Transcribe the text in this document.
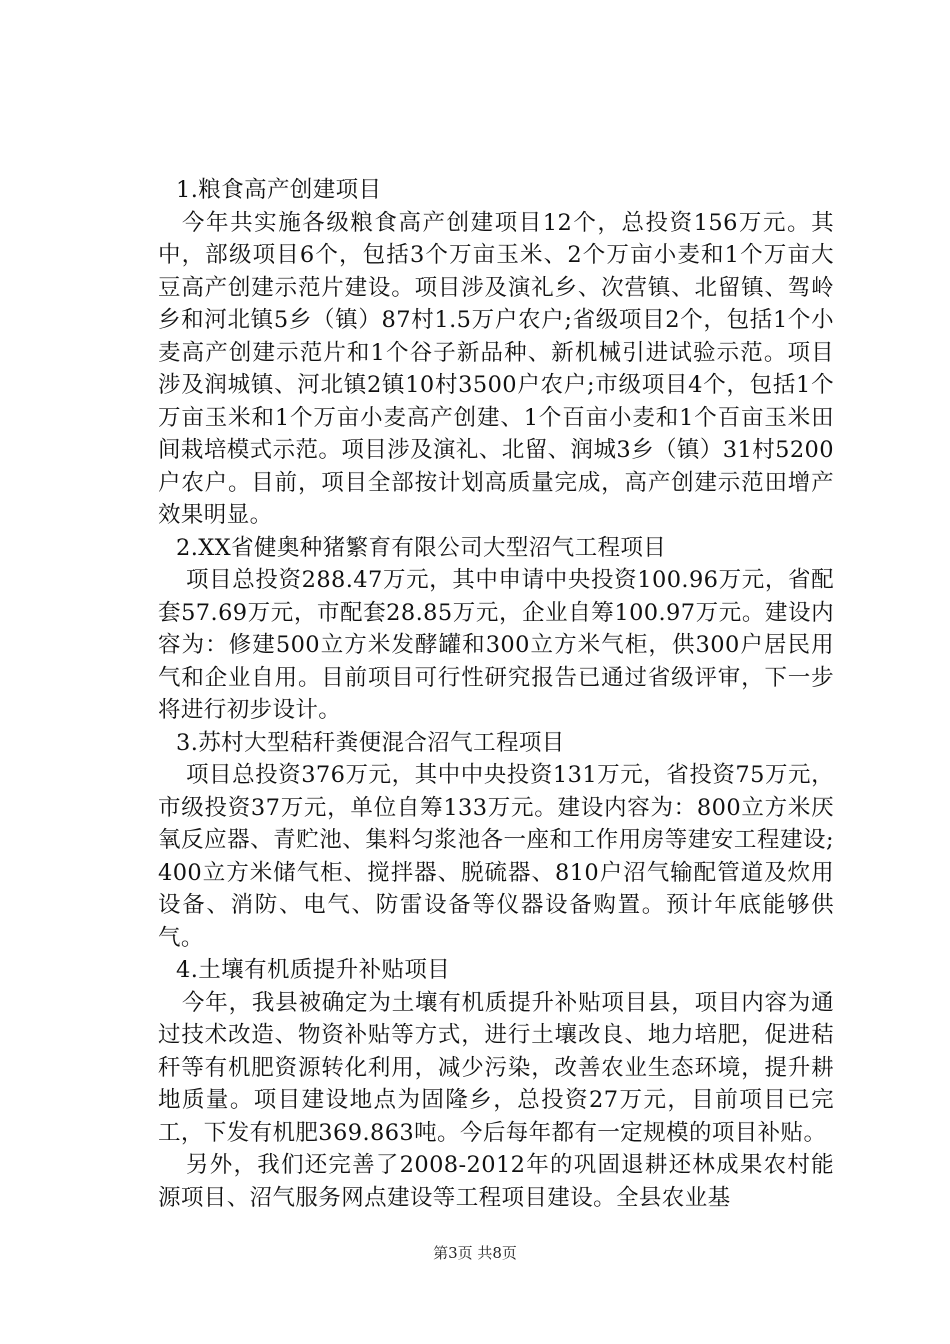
1.粮食高产创建项目

今年共实施各级粮食高产创建项目12个，总投资156万元。其中，部级项目6个，包括3个万亩玉米、2个万亩小麦和1个万亩大豆高产创建示范片建设。项目涉及演礼乡、次营镇、北留镇、驾岭乡和河北镇5乡（镇）87村1.5万户农户;省级项目2个，包括1个小麦高产创建示范片和1个谷子新品种、新机械引进试验示范。项目涉及润城镇、河北镇2镇10村3500户农户;市级项目4个，包括1个万亩玉米和1个万亩小麦高产创建、1个百亩小麦和1个百亩玉米田间栽培模式示范。项目涉及演礼、北留、润城3乡（镇）31村5200户农户。目前，项目全部按计划高质量完成，高产创建示范田增产效果明显。

2.XX省健奥种猪繁育有限公司大型沼气工程项目

项目总投资288.47万元，其中申请中央投资100.96万元，省配套57.69万元，市配套28.85万元，企业自筹100.97万元。建设内容为：修建500立方米发酵罐和300立方米气柜，供300户居民用气和企业自用。目前项目可行性研究报告已通过省级评审，下一步将进行初步设计。

3.苏村大型秸秆粪便混合沼气工程项目

项目总投资376万元，其中中央投资131万元，省投资75万元，市级投资37万元，单位自筹133万元。建设内容为：800立方米厌氧反应器、青贮池、集料匀浆池各一座和工作用房等建安工程建设;400立方米储气柜、搅拌器、脱硫器、810户沼气输配管道及炊用设备、消防、电气、防雷设备等仪器设备购置。预计年底能够供气。

4.土壤有机质提升补贴项目

今年，我县被确定为土壤有机质提升补贴项目县，项目内容为通过技术改造、物资补贴等方式，进行土壤改良、地力培肥，促进秸秆等有机肥资源转化利用，减少污染，改善农业生态环境，提升耕地质量。项目建设地点为固隆乡，总投资27万元，目前项目已完工，下发有机肥369.863吨。今后每年都有一定规模的项目补贴。

另外，我们还完善了2008-2012年的巩固退耕还林成果农村能源项目、沼气服务网点建设等工程项目建设。全县农业基

第3页 共8页
